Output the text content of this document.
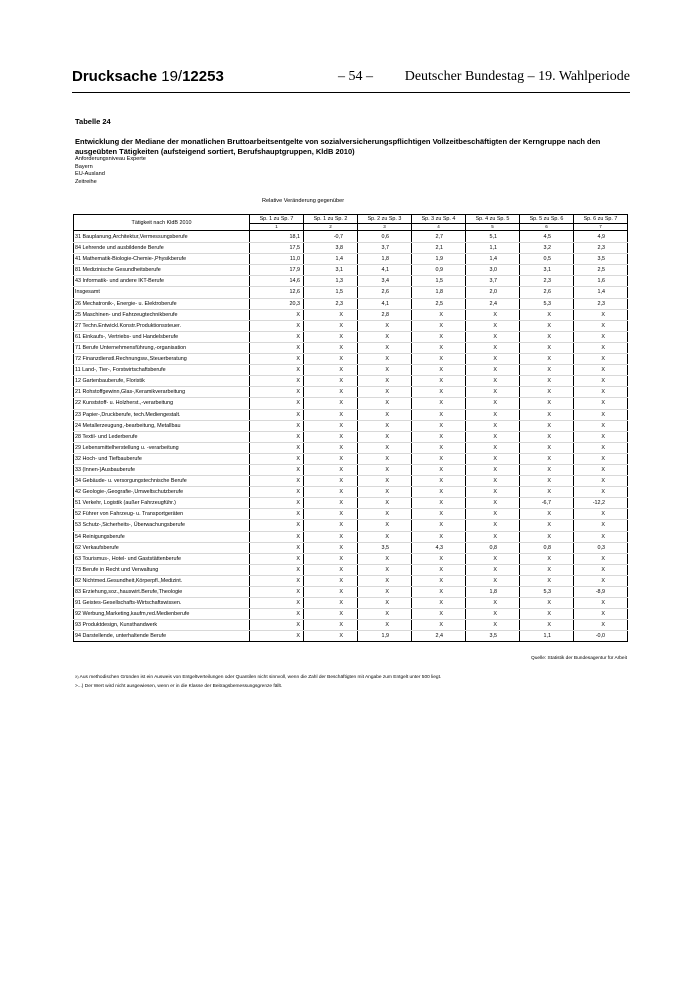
Drucksache 19/12253	– 54 – Deutscher Bundestag – 19. Wahlperiode
Tabelle 24
Entwicklung der Mediane der monatlichen Bruttoarbeitsentgelte von sozialversicherungspflichtigen Vollzeitbeschäftigten der Kerngruppe nach den ausgeübten Tätigkeiten (aufsteigend sortiert, Berufshauptgruppen, KldB 2010)
Anforderungsniveau Experte
Bayern
EU-Ausland
Zeitreihe
Relative Veränderung gegenüber
Tätigkeit nach KldB 2010	Sp. 1 zu Sp. 7	Sp. 1 zu Sp. 2	Sp. 2 zu Sp. 3	Sp. 3 zu Sp. 4	Sp. 4 zu Sp. 5	Sp. 5 zu Sp. 6	Sp. 6 zu Sp. 7
	1	2	3	4	5	6	7
31 Bauplanung,Architektur,Vermessungsberufe	18,1	-0,7	0,6	2,7	5,1	4,5	4,9
84 Lehrende und ausbildende Berufe	17,5	3,8	3,7	2,1	1,1	3,2	2,3
41 Mathematik-Biologie-Chemie-,Physikberufe	11,0	1,4	1,8	1,9	1,4	0,5	3,5
81 Medizinische Gesundheitsberufe	17,9	3,1	4,1	0,9	3,0	3,1	2,5
43 Informatik- und andere IKT-Berufe	14,6	1,3	3,4	1,5	3,7	2,3	1,6
Insgesamt	12,6	1,5	2,6	1,8	2,0	2,6	1,4
26 Mechatronik-, Energie- u. Elektroberufe	20,3	2,3	4,1	2,5	2,4	5,3	2,3
25 Maschinen- und Fahrzeugtechnikberufe	X	X	2,8	X	X	X	X
27 Techn.Entwickl.Konstr.Produktionssteuer.	X	X	X	X	X	X	X
61 Einkaufs-, Vertriebs- und Handelsberufe	X	X	X	X	X	X	X
71 Berufe Unternehmensführung,-organisation	X	X	X	X	X	X	X
72 Finanzdienstl.Rechnungsw.,Steuerberatung	X	X	X	X	X	X	X
11 Land-, Tier-, Forstwirtschaftsberufe	X	X	X	X	X	X	X
12 Gartenbauberufe, Floristik	X	X	X	X	X	X	X
21 Rohstoffgewinn,Glas-,Keramikverarbeitung	X	X	X	X	X	X	X
22 Kunststoff- u. Holzherst.,-verarbeitung	X	X	X	X	X	X	X
23 Papier-,Druckberufe, tech.Mediengestalt.	X	X	X	X	X	X	X
24 Metallerzeugung,-bearbeitung, Metallbau	X	X	X	X	X	X	X
28 Textil- und Lederberufe	X	X	X	X	X	X	X
29 Lebensmittelherstellung u. -verarbeitung	X	X	X	X	X	X	X
32 Hoch- und Tiefbauberufe	X	X	X	X	X	X	X
33 (Innen-)Ausbauberufe	X	X	X	X	X	X	X
34 Gebäude- u. versorgungstechnische Berufe	X	X	X	X	X	X	X
42 Geologie-,Geografie-,Umweltschutzberufe	X	X	X	X	X	X	X
51 Verkehr, Logistik (außer Fahrzeugführ.)	X	X	X	X	X	-6,7	-12,2
52 Führer von Fahrzeug- u. Transportgeräten	X	X	X	X	X	X	X
53 Schutz-,Sicherheits-, Überwachungsberufe	X	X	X	X	X	X	X
54 Reinigungsberufe	X	X	X	X	X	X	X
62 Verkaufsberufe	X	X	3,5	4,3	0,8	0,8	0,3
63 Tourismus-, Hotel- und Gaststättenberufe	X	X	X	X	X	X	X
73 Berufe in Recht und Verwaltung	X	X	X	X	X	X	X
82 Nichtmed.Gesundheit,Körperpfl.,Medizint.	X	X	X	X	X	X	X
83 Erziehung,soz.,hauswirt.Berufe,Theologie	X	X	X	X	1,8	5,3	-8,9
91 Geistes-Gesellschafts-Wirtschaftswissen.	X	X	X	X	X	X	X
92 Werbung,Marketing,kaufm,red.Medienberufe	X	X	X	X	X	X	X
93 Produktdesign, Kunsthandwerk	X	X	X	X	X	X	X
94 Darstellende, unterhaltende Berufe	X	X	1,9	2,4	3,5	1,1	-0,0
Quelle: Statistik der Bundesagentur für Arbeit
$^{X)}$ Aus methodischen Gründen ist ein Ausweis von Entgeltverteilungen oder Quantilen nicht sinnvoll, wenn die Zahl der Beschäftigten mit Angabe zum Entgelt unter 500 liegt.
>...) Der Wert wird nicht ausgewiesen, wenn er in die Klasse der Beitragsbemessungsgrenze fällt.
